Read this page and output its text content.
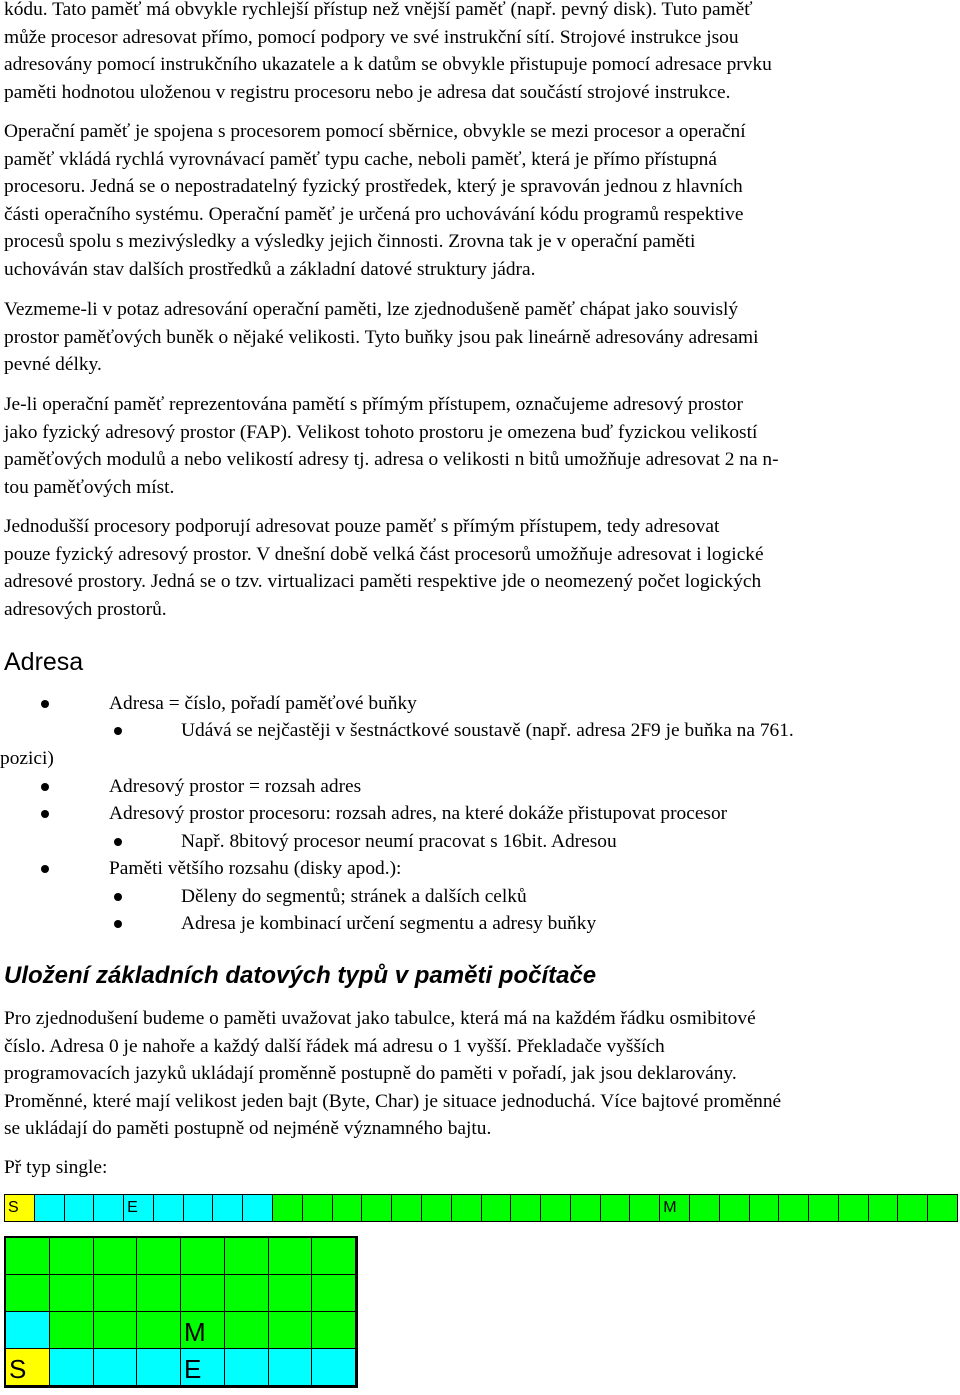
kódu. Tato paměť má obvykle rychlejší přístup než vnější paměť (např. pevný disk). Tuto paměť
může procesor adresovat přímo, pomocí podpory ve své instrukční sítí. Strojové instrukce jsou
adresovány pomocí instrukčního ukazatele a k datům se obvykle přistupuje pomocí adresace prvku
paměti hodnotou uloženou v registru procesoru nebo je adresa dat součástí strojové instrukce.

Operační paměť je spojena s procesorem pomocí sběrnice, obvykle se mezi procesor a operační
paměť vkládá rychlá vyrovnávací paměť typu cache, neboli paměť, která je přímo přístupná
procesoru. Jedná se o nepostradatelný fyzický prostředek, který je spravován jednou z hlavních
části operačního systému. Operační paměť je určená pro uchovávání kódu programů respektive
procesů spolu s mezivýsledky a výsledky jejich činnosti. Zrovna tak je v operační paměti
uchováván stav dalších prostředků a základní datové struktury jádra.

Vezmeme-li v potaz adresování operační paměti, lze zjednodušeně paměť chápat jako souvislý
prostor paměťových buněk o nějaké velikosti. Tyto buňky jsou pak lineárně adresovány adresami
pevné délky.

Je-li operační paměť reprezentována pamětí s přímým přístupem, označujeme adresový prostor
jako fyzický adresový prostor (FAP). Velikost tohoto prostoru je omezena buď fyzickou velikostí
paměťových modulů a nebo velikostí adresy tj. adresa o velikosti n bitů umožňuje adresovat 2 na n-
tou paměťových míst.

Jednodušší procesory podporují adresovat pouze paměť s přímým přístupem, tedy adresovat
pouze fyzický adresový prostor. V dnešní době velká část procesorů umožňuje adresovat i logické
adresové prostory. Jedná se o tzv. virtualizaci paměti respektive jde o neomezený počet logických
adresových prostorů.

Adresa
Adresa = číslo, pořadí paměťové buňky
Udává se nejčastěji v šestnáctkové soustavě (např. adresa 2F9 je buňka na 761.
pozici)
Adresový prostor = rozsah adres
Adresový prostor procesoru: rozsah adres, na které dokáže přistupovat procesor
Např. 8bitový procesor neumí pracovat s 16bit. Adresou
Paměti většího rozsahu (disky apod.):
Děleny do segmentů; stránek a dalších celků
Adresa je kombinací určení segmentu a adresy buňky
Uložení základních datových typů v paměti počítače

Pro zjednodušení budeme o paměti uvažovat jako tabulce, která má na každém řádku osmibitové
číslo. Adresa 0 je nahoře a každý další řádek má adresu o 1 vyšší. Překladače vyšších
programovacích jazyků ukládají proměnně postupně do paměti v pořadí, jak jsou deklarovány.
Proměnné, které mají velikost jeden bajt (Byte, Char) je situace jednoduchá. Více bajtové proměnné
se ukládají do paměti postupně od nejméně významného bajtu.

Př typ single:

S	E	M
M
S	E
